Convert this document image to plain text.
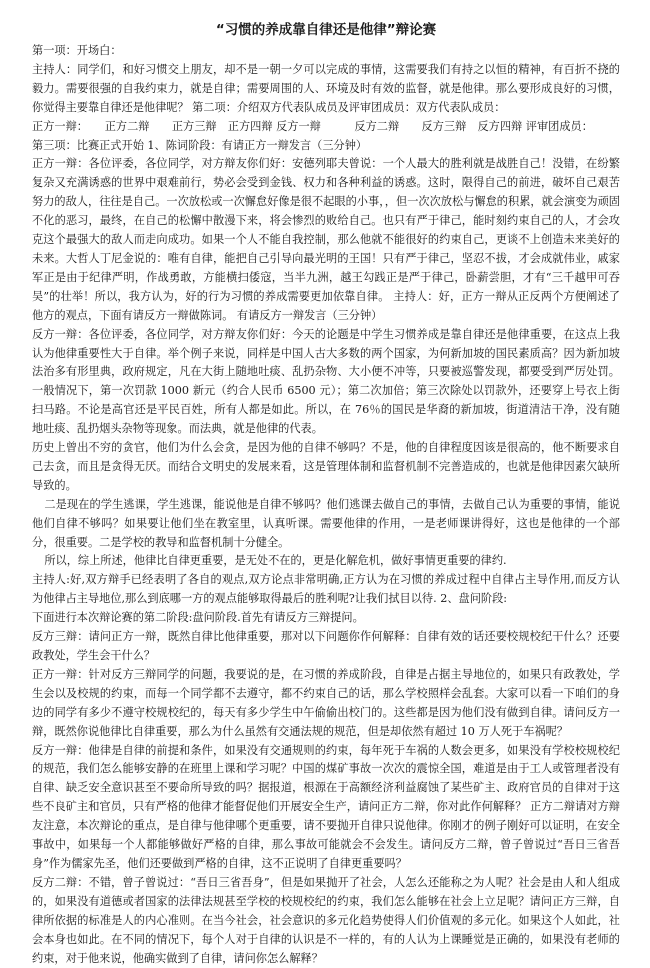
“习惯的养成靠自律还是他律”辩论赛

第一项：开场白：

主持人：同学们，和好习惯交上朋友，却不是一朝一夕可以完成的事情，这需要我们有持之以恒的精神，有百折不挠的毅力。需要很强的自我约束力，就是自律；需要周围的人、环境及时有效的监督，就是他律。那么要形成良好的习惯，你觉得主要靠自律还是他律呢？ 第二项：介绍双方代表队成员及评审团成员：双方代表队成员：

正方一辩：　　正方二辩　　正方三辩　正方四辩 反方一辩　　　反方二辩　　反方三辩　反方四辩 评审团成员：

第三项：比赛正式开始 1、陈词阶段：有请正方一辩发言（三分钟）

正方一辩：各位评委，各位同学，对方辩友你们好：安德列耶夫曾说：一个人最大的胜利就是战胜自己！没错，在纷繁复杂又充满诱惑的世界中艰难前行，势必会受到金钱、权力和各种利益的诱惑。这时，限得自己的前进，破坏自己艰苦努力的敌人，往往是自己。一次放松或一次懈怠好像是很不起眼的小事，，但一次次放松与懈怠的积累，就会演变为顽固不化的恶习，最终，在自己的松懈中散漫下来，将会惨烈的败给自己。也只有严于律己，能时刻约束自己的人，才会攻克这个最强大的敌人而走向成功。如果一个人不能自我控制，那么他就不能很好的约束自己，更谈不上创造未来美好的未来。大哲人丁尼金说的：唯有自律，能把自己引导向最光明的王国！只有严于律己，坚忍不拔，才会成就伟业，戚家军正是由于纪律严明，作战勇敢，方能横扫倭寇，当半九洲，越王勾践正是严于律己，卧薪尝胆，才有“三千越甲可吞吴”的壮举！所以，我方认为，好的行为习惯的养成需要更加依靠自律。 主持人：好，正方一辩从正反两个方便阐述了他方的观点，下面有请反方一辩做陈词。 有请反方一辩发言（三分钟）

反方一辩：各位评委，各位同学，对方辩友你们好：今天的论题是中学生习惯养成是靠自律还是他律重要，在这点上我认为他律重要性大于自律。举个例子来说，同样是中国人古大多数的两个国家，为何新加坡的国民素质高？因为新加坡法治多有形里典，政府规定，凡在大街上随地吐痰、乱扔杂物、大小便不冲等，只要被巡警发现，都要受到严厉处罚。一般情况下，第一次罚款 1000 新元（约合人民币 6500 元）；第二次加倍；第三次除处以罚款外，还要穿上号衣上街扫马路。不论是高官还是平民百姓，所有人都是如此。所以，在 76％的国民是华裔的新加坡，街道清洁干净，没有随地吐痰、乱扔烟头杂物等现象。而法典，就是他律的代表。

历史上曾出不穷的贪官，他们为什么会贪，是因为他的自律不够吗？不是，他的自律程度因该是很高的，他不断要求自己去贪，而且是贪得无厌。而结合文明史的发展来看，这是管理体制和监督机制不完善造成的，也就是他律因素欠缺所导致的。

二是现在的学生逃课，学生逃课，能说他是自律不够吗？他们逃课去做自己的事情，去做自己认为重要的事情，能说他们自律不够吗？如果要让他们坐在教室里，认真听课。需要他律的作用，一是老师课讲得好，这也是他律的一个部分，很重要。二是学校的教导和监督机制十分健全。

所以，综上所述，他律比自律更重要，是无处不在的，更是化解危机，做好事情更重要的律约.

主持人:好,双方辩手已经表明了各自的观点,双方论点非常明确,正方认为在习惯的养成过程中自律占主导作用,而反方认为他律占主导地位,那么到底哪一方的观点能够取得最后的胜利呢?让我们拭目以待. 2、盘问阶段:

下面进行本次辩论赛的第二阶段:盘问阶段.首先有请反方三辩提问。

反方三辩：请问正方一辩，既然自律比他律重要，那对以下问题你作何解释：自律有效的话还要校规校纪干什么？还要政教处，学生会干什么？

正方一辩：针对反方三辩同学的问题，我要说的是，在习惯的养成阶段，自律是占据主导地位的，如果只有政教处，学生会以及校规的约束，而每一个同学都不去遵守，都不约束自己的话，那么学校照样会乱套。大家可以看一下咱们的身边的同学有多少不遵守校规校纪的，每天有多少学生中午偷偷出校门的。这些都是因为他们没有做到自律。请问反方一辩，既然你说他律比自律重要，那么为什么虽然有交通法规的规范，但是却依然有超过 10 万人死于车祸呢？

反方一辩：他律是自律的前提和条件，如果没有交通规则的约束，每年死于车祸的人数会更多，如果没有学校校规校纪的规范，我们怎么能够安静的在班里上课和学习呢？中国的煤矿事故一次次的震惊全国，难道是由于工人或管理者没有自律、缺乏安全意识甚至不要命所导致的吗？据报道，根源在于高额经济利益腐蚀了某些矿主、政府官员的自律对于这些不良矿主和官员，只有严格的他律才能督促他们开展安全生产，请问正方二辩，你对此作何解释？ 正方二辩请对方辩友注意，本次辩论的重点，是自律与他律哪个更重要，请不要抛开自律只说他律。你刚才的例子刚好可以证明，在安全事故中，如果每一个人都能够做好严格的自律，那么事故可能就会不会发生。请问反方二辩，曾子曾说过“吾日三省吾身”作为儒家先圣，他们还要做到严格的自律，这不正说明了自律更重要吗？

反方二辩：不错，曾子曾说过：“吾日三省吾身”，但是如果抛开了社会，人怎么还能称之为人呢？社会是由人和人组成的，如果没有道德或者国家的法律法规甚至学校的校规校纪的约束，我们怎么能够在社会上立足呢？请问正方三辩，自律所依据的标准是人的内心准则。在当今社会，社会意识的多元化趋势使得人们价值观的多元化。如果这个人如此，社会本身也如此。在不同的情况下，每个人对于自律的认识是不一样的，有的人认为上课睡觉是正确的，如果没有老师的约束，对于他来说，他确实做到了自律，请问你怎么解释？
